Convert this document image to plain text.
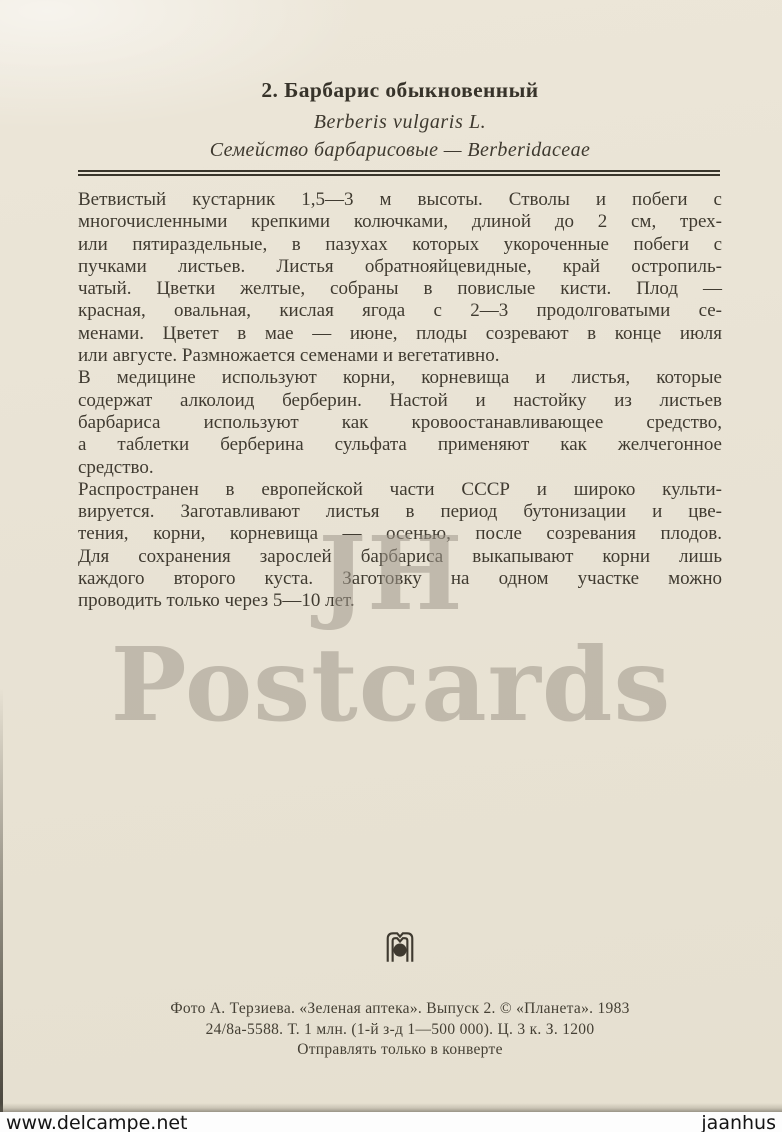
2. Барбарис обыкновенный
Berberis vulgaris L.
Семейство барбарисовые — Berberidaceae
Ветвистый кустарник 1,5—3 м высоты. Стволы и побеги с
многочисленными крепкими колючками, длиной до 2 см, трех-
или пятираздельные, в пазухах которых укороченные побеги с
пучками листьев. Листья обратнояйцевидные, край остропиль-
чатый. Цветки желтые, собраны в повислые кисти. Плод —
красная, овальная, кислая ягода с 2—3 продолговатыми се-
менами. Цветет в мае — июне, плоды созревают в конце июля
или августе. Размножается семенами и вегетативно.
В медицине используют корни, корневища и листья, которые
содержат алколоид берберин. Настой и настойку из листьев
барбариса используют как кровоостанавливающее средство,
а таблетки берберина сульфата применяют как желчегонное
средство.
Распространен в европейской части СССР и широко культи-
вируется. Заготавливают листья в период бутонизации и цве-
тения, корни, корневища — осенью, после созревания плодов.
Для сохранения зарослей барбариса выкапывают корни лишь
каждого второго куста. Заготовку на одном участке можно
проводить только через 5—10 лет.
Фото А. Терзиева. «Зеленая аптека». Выпуск 2. © «Планета». 1983
24/8а-5588. Т. 1 млн. (1-й з-д 1—500 000). Ц. 3 к. З. 1200
Отправлять только в конверте
JH Postcards
www.delcampe.net	jaanhus
